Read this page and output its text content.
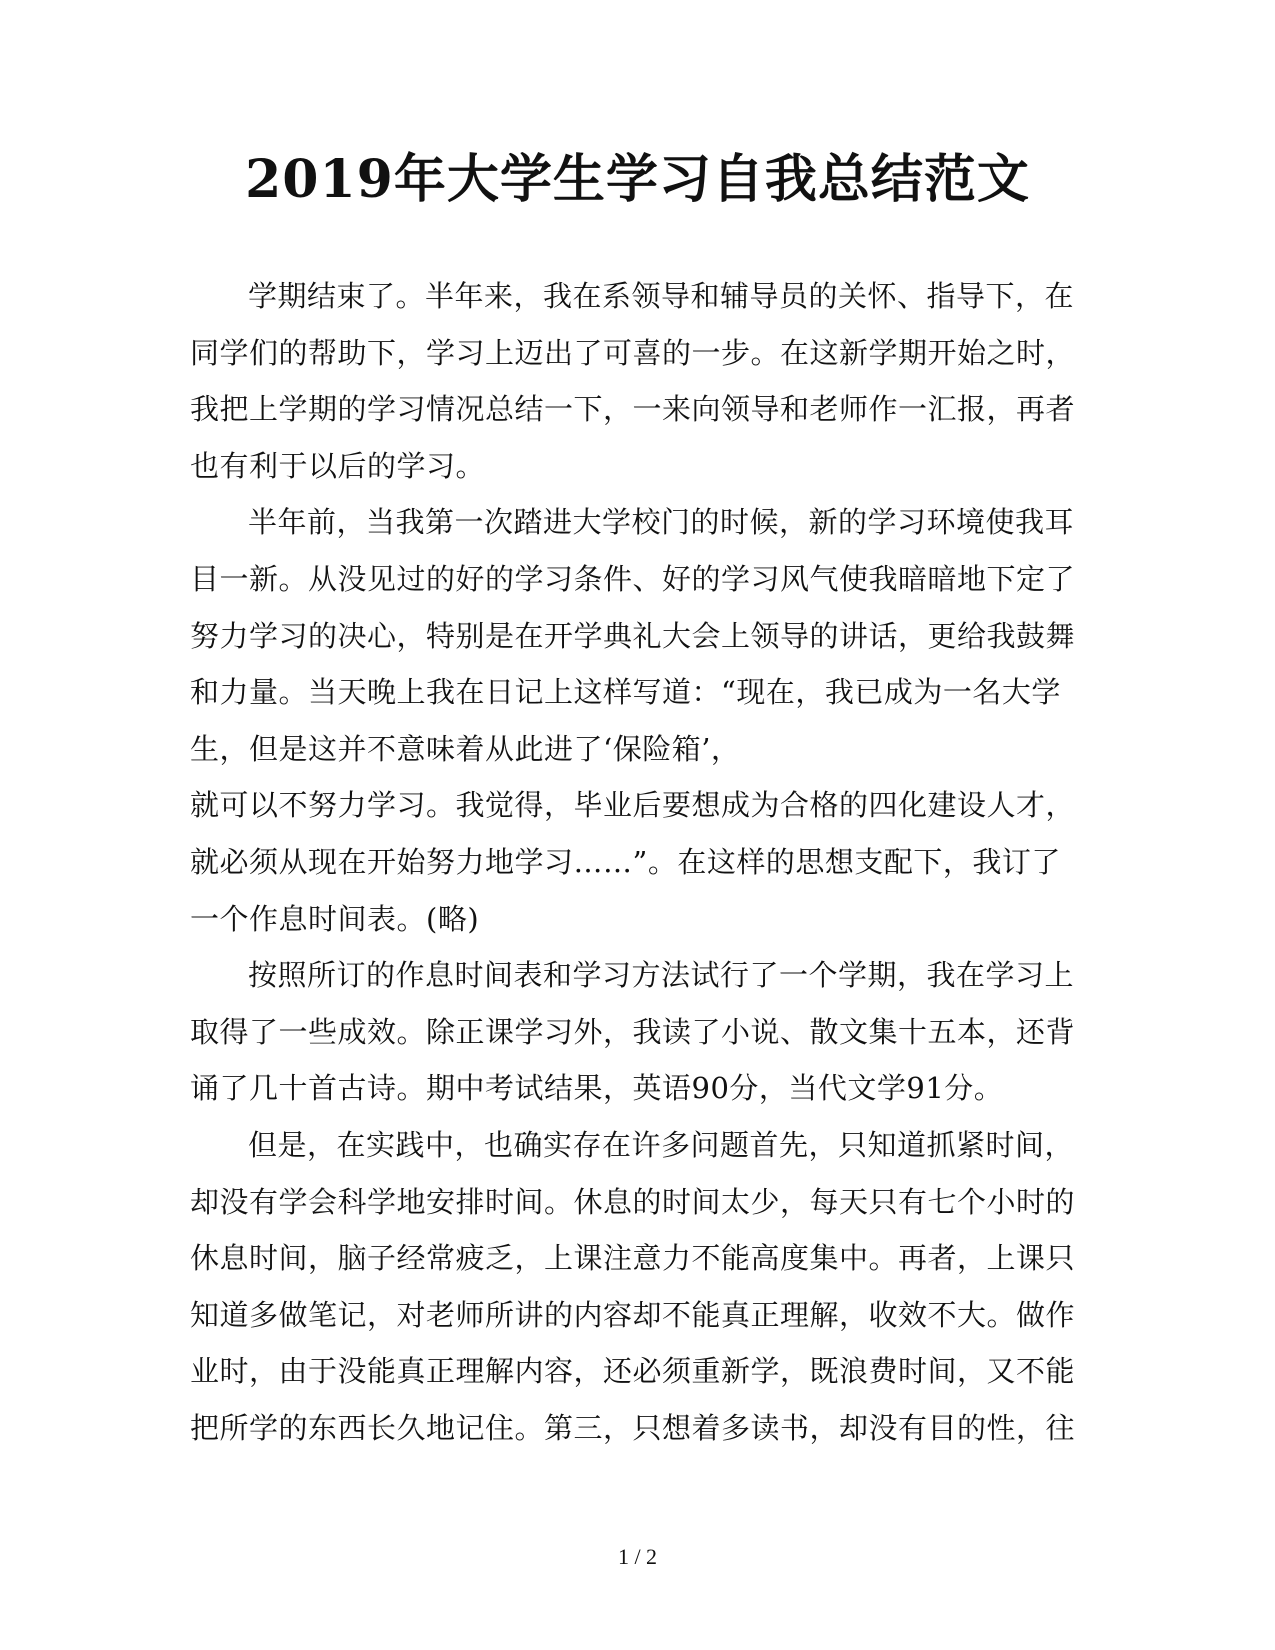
2019年大学生学习自我总结范文

学期结束了。半年来，我在系领导和辅导员的关怀、指导下，在
同学们的帮助下，学习上迈出了可喜的一步。在这新学期开始之时，
我把上学期的学习情况总结一下，一来向领导和老师作一汇报，再者
也有利于以后的学习。

半年前，当我第一次踏进大学校门的时候，新的学习环境使我耳
目一新。从没见过的好的学习条件、好的学习风气使我暗暗地下定了
努力学习的决心，特别是在开学典礼大会上领导的讲话，更给我鼓舞
和力量。当天晚上我在日记上这样写道：“现在，我已成为一名大学
生，但是这并不意味着从此进了‘保险箱’，
就可以不努力学习。我觉得，毕业后要想成为合格的四化建设人才，
就必须从现在开始努力地学习……”。在这样的思想支配下，我订了
一个作息时间表。(略)

按照所订的作息时间表和学习方法试行了一个学期，我在学习上
取得了一些成效。除正课学习外，我读了小说、散文集十五本，还背
诵了几十首古诗。期中考试结果，英语90分，当代文学91分。

但是，在实践中，也确实存在许多问题首先，只知道抓紧时间，
却没有学会科学地安排时间。休息的时间太少，每天只有七个小时的
休息时间，脑子经常疲乏，上课注意力不能高度集中。再者，上课只
知道多做笔记，对老师所讲的内容却不能真正理解，收效不大。做作
业时，由于没能真正理解内容，还必须重新学，既浪费时间，又不能
把所学的东西长久地记住。第三，只想着多读书，却没有目的性，往

1 / 2
